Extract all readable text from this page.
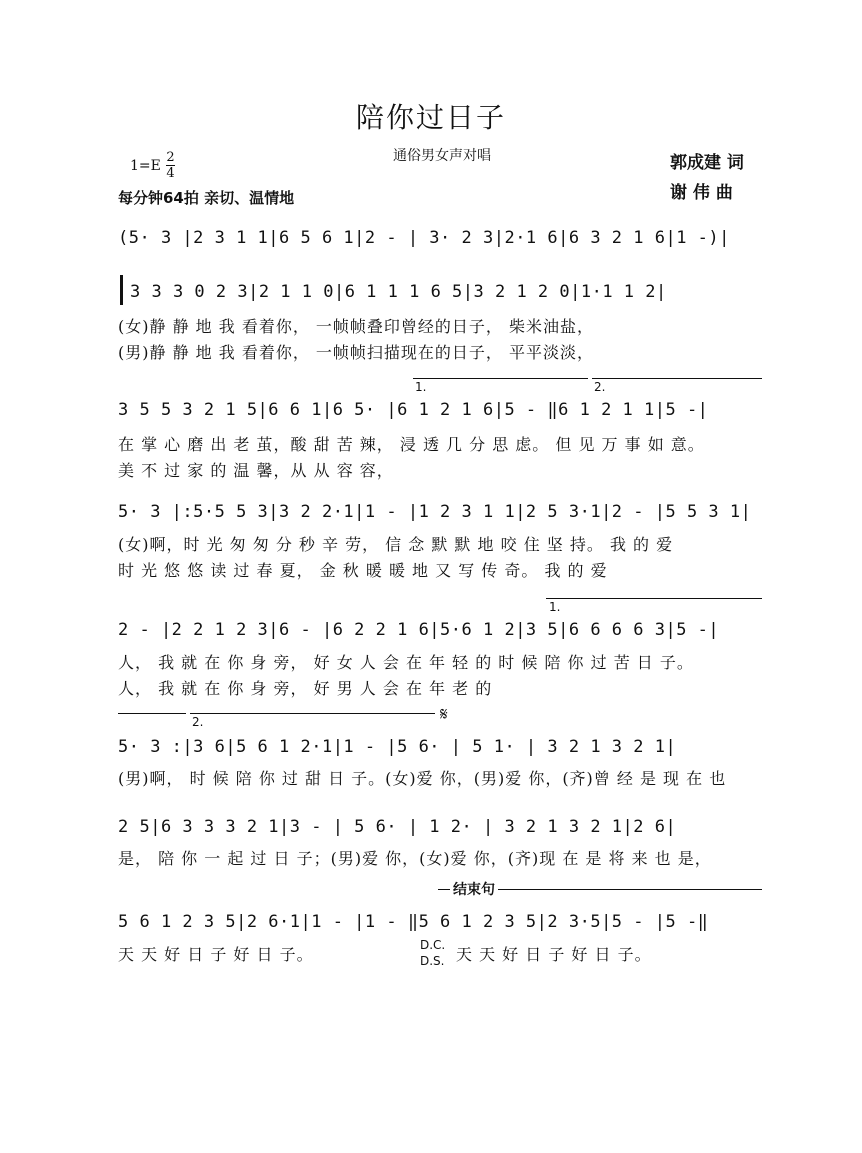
陪你过日子
通俗男女声对唱	郭成建 词
谢 伟 曲
1=E
2
4
每分钟64拍 亲切、温情地
(5· 3 |2 3 1 1|6 5 6 1|2 - | 3· 2 3|2·1 6|6 3 2 1 6|1 -)|
3 3 3 0 2 3|2 1 1 0|6 1 1 1 6 5|3 2 1 2 0|1·1 1 2|
(女)静 静 地 我 看着你， 一帧帧叠印曾经的日子， 柴米油盐，
(男)静 静 地 我 看着你， 一帧帧扫描现在的日子， 平平淡淡，
1.	2.
3 5 5 3 2 1 5|6 6 1|6 5· |6 1 2 1 6|5 - ‖6 1 2 1 1|5 -|
在 掌 心 磨 出 老 茧，酸 甜 苦 辣， 浸 透 几 分 思 虑。 但 见 万 事 如 意。
美 不 过 家 的 温 馨，从 从 容 容，
5· 3 |:5·5 5 3|3 2 2·1|1 - |1 2 3 1 1|2 5 3·1|2 - |5 5 3 1|
(女)啊，时 光 匆 匆 分 秒 辛 劳， 信 念 默 默 地 咬 住 坚 持。 我 的 爱
时 光 悠 悠 读 过 春 夏， 金 秋 暖 暖 地 又 写 传 奇。 我 的 爱
1.
2 - |2 2 1 2 3|6 - |6 2 2 1 6|5·6 1 2|3 5|6 6 6 6 3|5 -|
人， 我 就 在 你 身 旁， 好 女 人 会 在 年 轻 的 时 候 陪 你 过 苦 日 子。
人， 我 就 在 你 身 旁， 好 男 人 会 在 年 老 的
2.	𝄋
5· 3 :|3 6|5 6 1 2·1|1 - |5 6· | 5 1· | 3 2 1 3 2 1|
(男)啊， 时 候 陪 你 过 甜 日 子。(女)爱 你，(男)爱 你，(齐)曾 经 是 现 在 也
2 5|6 3 3 3 2 1|3 - | 5 6· | 1 2· | 3 2 1 3 2 1|2 6|
是， 陪 你 一 起 过 日 子；(男)爱 你，(女)爱 你，(齐)现 在 是 将 来 也 是，
结束句
5 6 1 2 3 5|2 6·1|1 - |1 - ‖5 6 1 2 3 5|2 3·5|5 - |5 -‖
天 天 好 日 子 好 日 子。	D.C.
D.S. 天 天 好 日 子 好 日 子。
